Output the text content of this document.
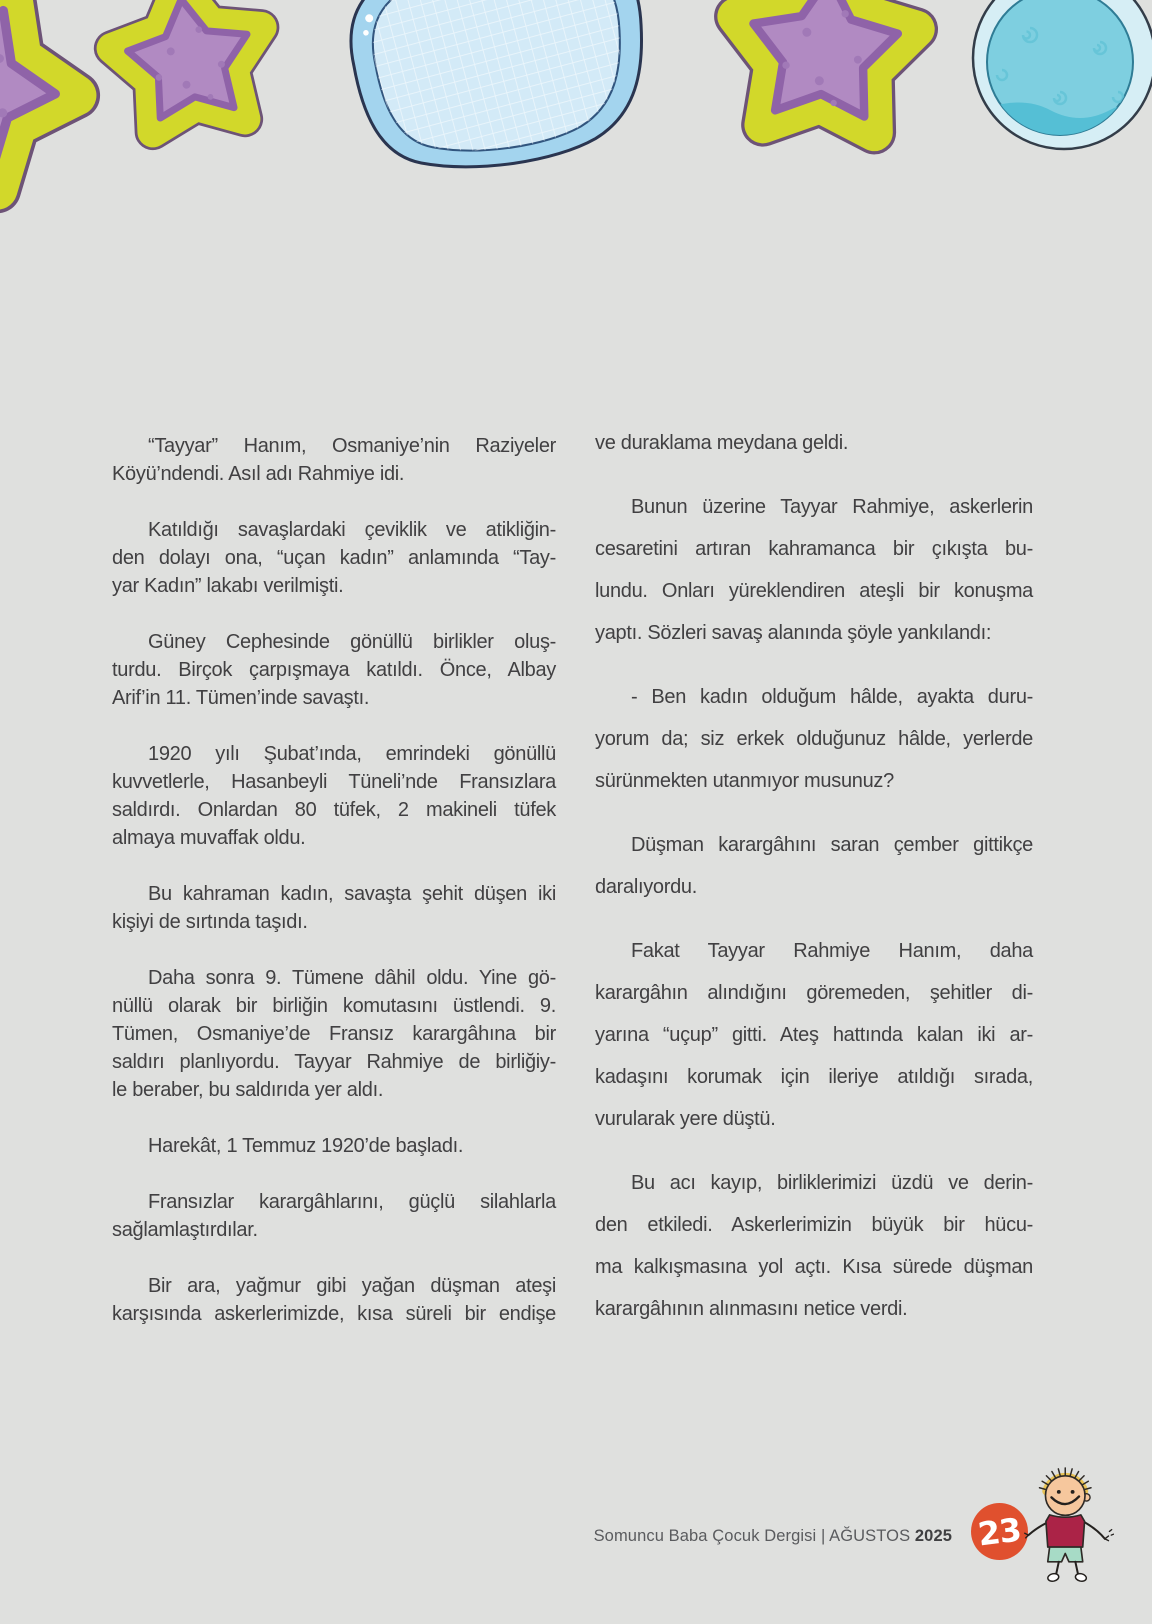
“Tayyar” Hanım, Osmaniye’nin Raziyeler
Köyü’ndendi. Asıl adı Rahmiye idi.
Katıldığı savaşlardaki çeviklik ve atikliğin-
den dolayı ona, “uçan kadın” anlamında “Tay-
yar Kadın” lakabı verilmişti.
Güney Cephesinde gönüllü birlikler oluş-
turdu. Birçok çarpışmaya katıldı. Önce, Albay
Arif’in 11. Tümen’inde savaştı.
1920 yılı Şubat’ında, emrindeki gönüllü
kuvvetlerle, Hasanbeyli Tüneli’nde Fransızlara
saldırdı. Onlardan 80 tüfek, 2 makineli tüfek
almaya muvaffak oldu.
Bu kahraman kadın, savaşta şehit düşen iki
kişiyi de sırtında taşıdı.
Daha sonra 9. Tümene dâhil oldu. Yine gö-
nüllü olarak bir birliğin komutasını üstlendi. 9.
Tümen, Osmaniye’de Fransız karargâhına bir
saldırı planlıyordu. Tayyar Rahmiye de birliğiy-
le beraber, bu saldırıda yer aldı.
Harekât, 1 Temmuz 1920’de başladı.
Fransızlar karargâhlarını, güçlü silahlarla
sağlamlaştırdılar.
Bir ara, yağmur gibi yağan düşman ateşi
karşısında askerlerimizde, kısa süreli bir endişe
ve duraklama meydana geldi.
Bunun üzerine Tayyar Rahmiye, askerlerin
cesaretini artıran kahramanca bir çıkışta bu-
lundu. Onları yüreklendiren ateşli bir konuşma
yaptı. Sözleri savaş alanında şöyle yankılandı:
- Ben kadın olduğum hâlde, ayakta duru-
yorum da; siz erkek olduğunuz hâlde, yerlerde
sürünmekten utanmıyor musunuz?
Düşman karargâhını saran çember gittikçe
daralıyordu.
Fakat Tayyar Rahmiye Hanım, daha
karargâhın alındığını göremeden, şehitler di-
yarına “uçup” gitti. Ateş hattında kalan iki ar-
kadaşını korumak için ileriye atıldığı sırada,
vurularak yere düştü.
Bu acı kayıp, birliklerimizi üzdü ve derin-
den etkiledi. Askerlerimizin büyük bir hücu-
ma kalkışmasına yol açtı. Kısa sürede düşman
karargâhının alınmasını netice verdi.
Somuncu Baba Çocuk Dergisi | AĞUSTOS 2025 23
